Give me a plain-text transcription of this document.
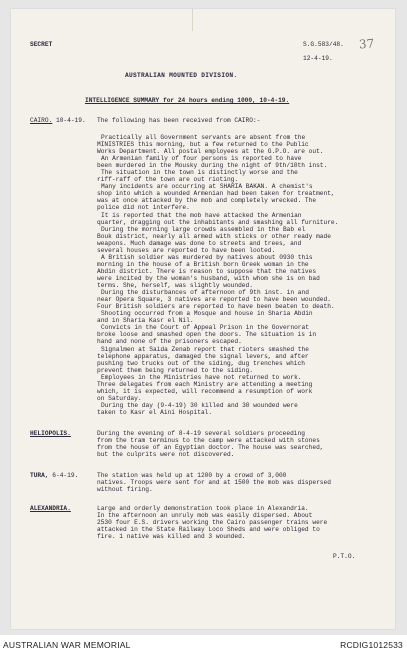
SECRET	S.G.583/48. 37
12-4-19.
AUSTRALIAN MOUNTED DIVISION.
INTELLIGENCE SUMMARY for 24 hours ending 1000, 10-4-19.
CAIRO. 10-4-19. The following has been received from CAIRO:-
Practically all Government servants are absent from the
MINISTRIES this morning, but a few returned to the Public
Works Department. All postal employees at the G.P.O. are out.
An Armenian family of four persons is reported to have
been murdered in the Mousky during the night of 9th/10th inst.
The situation in the town is distinctly worse and the
riff-raff of the town are out rioting.
Many incidents are occurring at SHARIA BAKAN. A chemist's
shop into which a wounded Armenian had been taken for treatment,
was at once attacked by the mob and completely wrecked. The
police did not interfere.
It is reported that the mob have attacked the Armenian
quarter, dragging out the inhabitants and smashing all furniture.
During the morning large crowds assembled in the Bab el
Bouk district, nearly all armed with sticks or other ready made
weapons. Much damage was done to streets and trees, and
several houses are reported to have been looted.
A British soldier was murdered by natives about 0930 this
morning in the house of a British born Greek woman in the
Abdin district. There is reason to suppose that the natives
were incited by the woman's husband, with whom she is on bad
terms. She, herself, was slightly wounded.
During the disturbances of afternoon of 9th inst. in and
near Opera Square, 3 natives are reported to have been wounded.
Four British soldiers are reported to have been beaten to death.
Shooting occurred from a Mosque and house in Sharia Abdin
and in Sharia Kasr el Nil.
Convicts in the Court of Appeal Prison in the Governorat
broke loose and smashed open the doors. The situation is in
hand and none of the prisoners escaped.
Signalmen at Saida Zenab report that rioters smashed the
telephone apparatus, damaged the signal levers, and after
pushing two trucks out of the siding, dug trenches which
prevent them being returned to the siding.
Employees in the Ministries have not returned to work.
Three delegates from each Ministry are attending a meeting
which, it is expected, will recommend a resumption of work
on Saturday.
During the day (9-4-19) 30 killed and 30 wounded were
taken to Kasr el Aini Hospital.
HELIOPOLIS.	During the evening of 8-4-19 several soldiers proceeding
from the tram terminus to the camp were attacked with stones
from the house of an Egyptian doctor. The house was searched,
but the culprits were not discovered.
TURA, 6-4-19.	The station was held up at 1200 by a crowd of 3,000
natives. Troops were sent for and at 1500 the mob was dispersed
without firing.
ALEXANDRIA.	Large and orderly demonstration took place in Alexandria.
In the afternoon an unruly mob was easily dispersed. About
2530 four E.S. drivers working the Cairo passenger trains were
attacked in the State Railway Loco Sheds and were obliged to
fire. 1 native was killed and 3 wounded.
P.T.O.
AUSTRALIAN WAR MEMORIAL	RCDIG1012533
